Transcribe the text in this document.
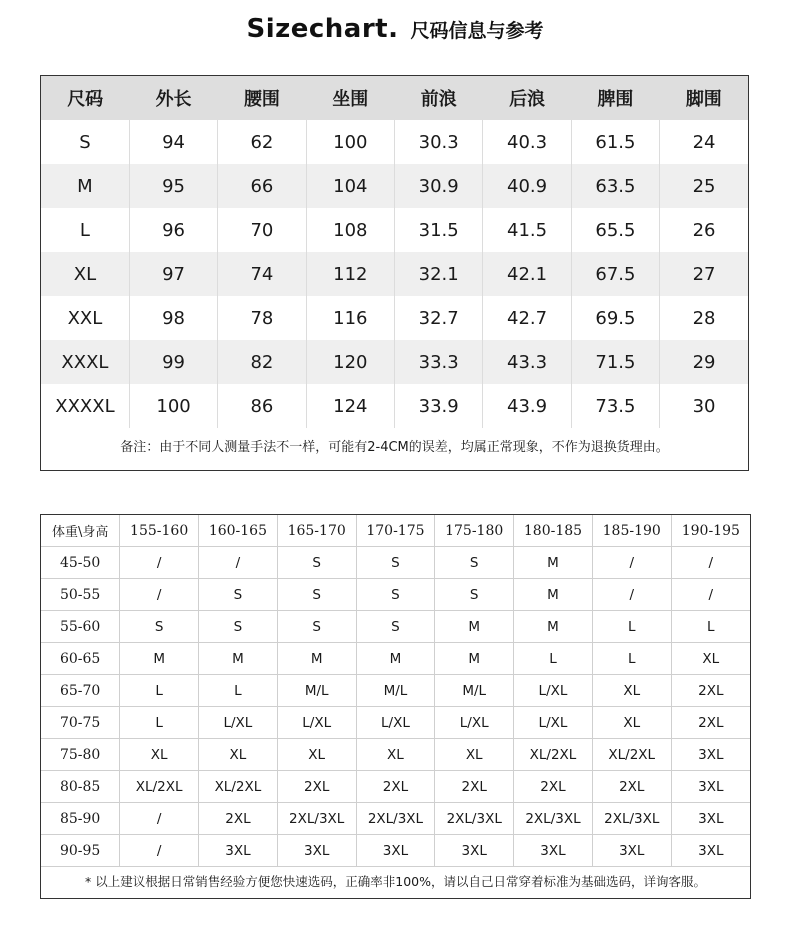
Sizechart. 尺码信息与参考
尺码	外长	腰围	坐围	前浪	后浪	脾围	脚围
S	94	62	100	30.3	40.3	61.5	24
M	95	66	104	30.9	40.9	63.5	25
L	96	70	108	31.5	41.5	65.5	26
XL	97	74	112	32.1	42.1	67.5	27
XXL	98	78	116	32.7	42.7	69.5	28
XXXL	99	82	120	33.3	43.3	71.5	29
XXXXL	100	86	124	33.9	43.9	73.5	30
备注：由于不同人测量手法不一样，可能有2-4CM的误差，均属正常现象，不作为退换货理由。
体重\身高	155-160	160-165	165-170	170-175	175-180	180-185	185-190	190-195
45-50	/	/	S	S	S	M	/	/
50-55	/	S	S	S	S	M	/	/
55-60	S	S	S	S	M	M	L	L
60-65	M	M	M	M	M	L	L	XL
65-70	L	L	M/L	M/L	M/L	L/XL	XL	2XL
70-75	L	L/XL	L/XL	L/XL	L/XL	L/XL	XL	2XL
75-80	XL	XL	XL	XL	XL	XL/2XL	XL/2XL	3XL
80-85	XL/2XL	XL/2XL	2XL	2XL	2XL	2XL	2XL	3XL
85-90	/	2XL	2XL/3XL	2XL/3XL	2XL/3XL	2XL/3XL	2XL/3XL	3XL
90-95	/	3XL	3XL	3XL	3XL	3XL	3XL	3XL
* 以上建议根据日常销售经验方便您快速选码，正确率非100%，请以自己日常穿着标准为基础选码，详询客服。
